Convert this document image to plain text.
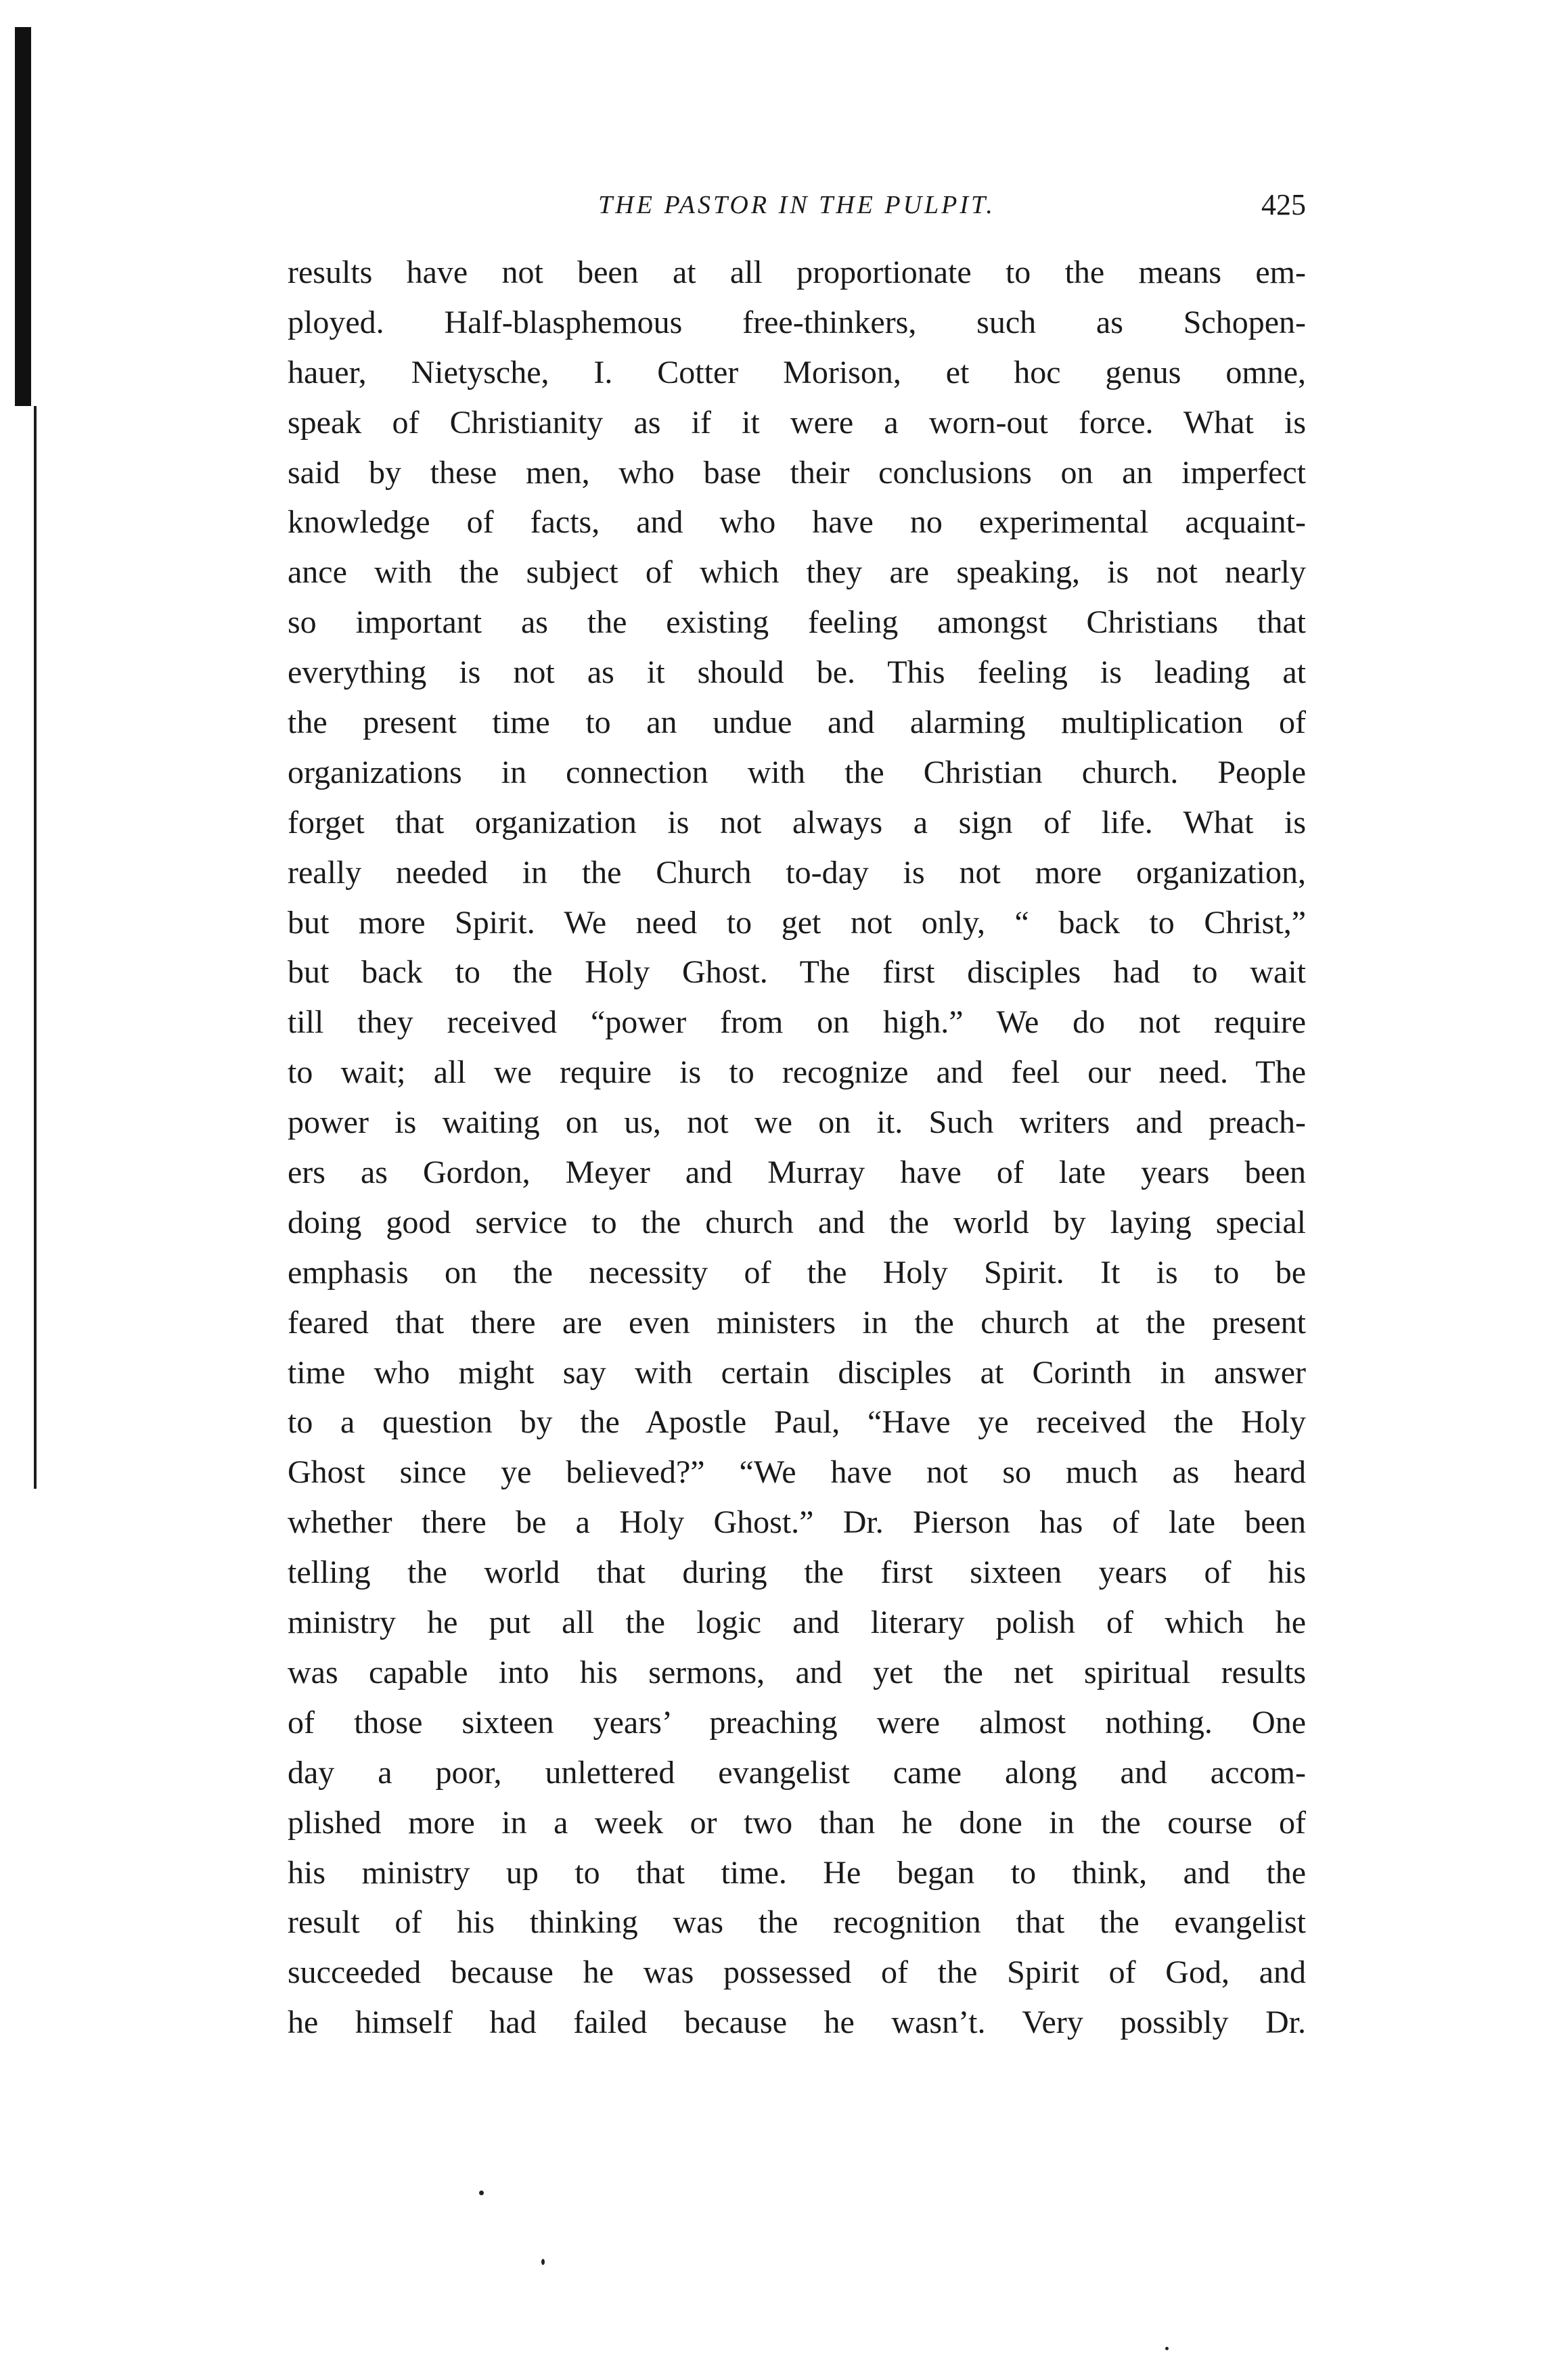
THE PASTOR IN THE PULPIT.	425
results have not been at all proportionate to the means em-
ployed. Half-blasphemous free-thinkers, such as Schopen-
hauer, Nietysche, I. Cotter Morison, et hoc genus omne,
speak of Christianity as if it were a worn-out force. What is
said by these men, who base their conclusions on an imperfect
knowledge of facts, and who have no experimental acquaint-
ance with the subject of which they are speaking, is not nearly
so important as the existing feeling amongst Christians that
everything is not as it should be. This feeling is leading at
the present time to an undue and alarming multiplication of
organizations in connection with the Christian church. People
forget that organization is not always a sign of life. What is
really needed in the Church to-day is not more organization,
but more Spirit. We need to get not only, “ back to Christ,”
but back to the Holy Ghost. The first disciples had to wait
till they received “power from on high.” We do not require
to wait; all we require is to recognize and feel our need. The
power is waiting on us, not we on it. Such writers and preach-
ers as Gordon, Meyer and Murray have of late years been
doing good service to the church and the world by laying special
emphasis on the necessity of the Holy Spirit. It is to be
feared that there are even ministers in the church at the present
time who might say with certain disciples at Corinth in answer
to a question by the Apostle Paul, “Have ye received the Holy
Ghost since ye believed?” “We have not so much as heard
whether there be a Holy Ghost.” Dr. Pierson has of late been
telling the world that during the first sixteen years of his
ministry he put all the logic and literary polish of which he
was capable into his sermons, and yet the net spiritual results
of those sixteen years’ preaching were almost nothing. One
day a poor, unlettered evangelist came along and accom-
plished more in a week or two than he done in the course of
his ministry up to that time. He began to think, and the
result of his thinking was the recognition that the evangelist
succeeded because he was possessed of the Spirit of God, and
he himself had failed because he wasn’t. Very possibly Dr.
